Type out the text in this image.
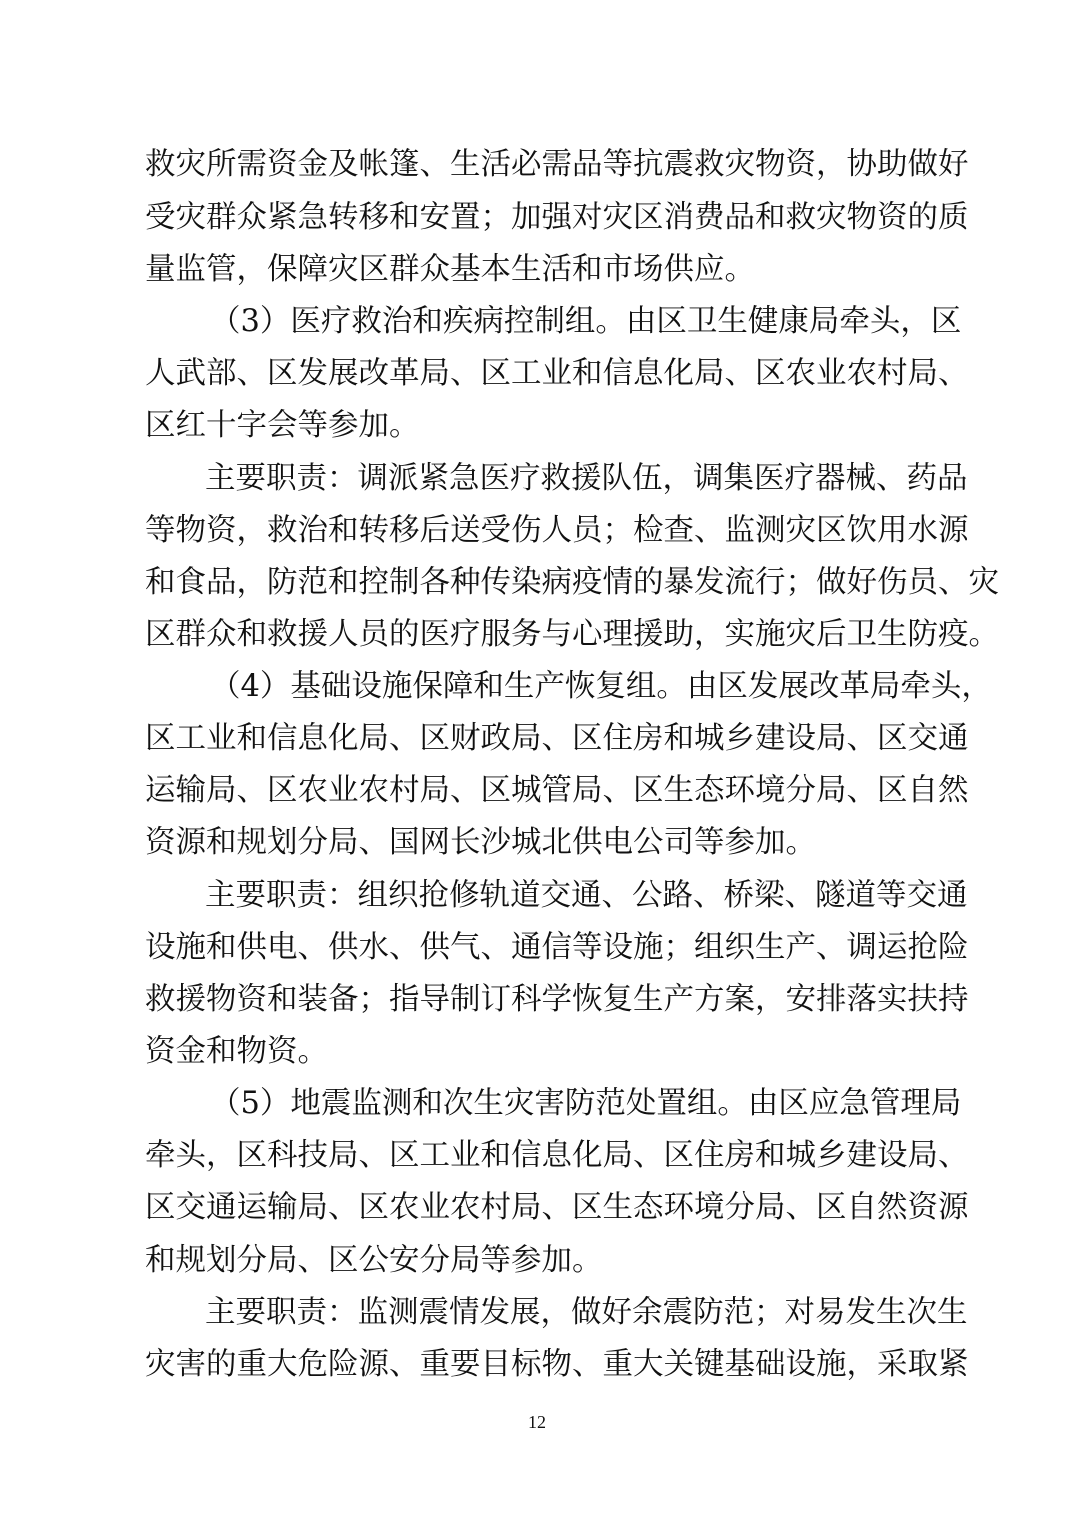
救灾所需资金及帐篷、生活必需品等抗震救灾物资，协助做好
受灾群众紧急转移和安置；加强对灾区消费品和救灾物资的质
量监管，保障灾区群众基本生活和市场供应。
（3）医疗救治和疾病控制组。由区卫生健康局牵头，区
人武部、区发展改革局、区工业和信息化局、区农业农村局、
区红十字会等参加。
主要职责：调派紧急医疗救援队伍，调集医疗器械、药品
等物资，救治和转移后送受伤人员；检查、监测灾区饮用水源
和食品，防范和控制各种传染病疫情的暴发流行；做好伤员、灾
区群众和救援人员的医疗服务与心理援助，实施灾后卫生防疫。
（4）基础设施保障和生产恢复组。由区发展改革局牵头，
区工业和信息化局、区财政局、区住房和城乡建设局、区交通
运输局、区农业农村局、区城管局、区生态环境分局、区自然
资源和规划分局、国网长沙城北供电公司等参加。
主要职责：组织抢修轨道交通、公路、桥梁、隧道等交通
设施和供电、供水、供气、通信等设施；组织生产、调运抢险
救援物资和装备；指导制订科学恢复生产方案，安排落实扶持
资金和物资。
（5）地震监测和次生灾害防范处置组。由区应急管理局
牵头，区科技局、区工业和信息化局、区住房和城乡建设局、
区交通运输局、区农业农村局、区生态环境分局、区自然资源
和规划分局、区公安分局等参加。
主要职责：监测震情发展，做好余震防范；对易发生次生
灾害的重大危险源、重要目标物、重大关键基础设施，采取紧
12
